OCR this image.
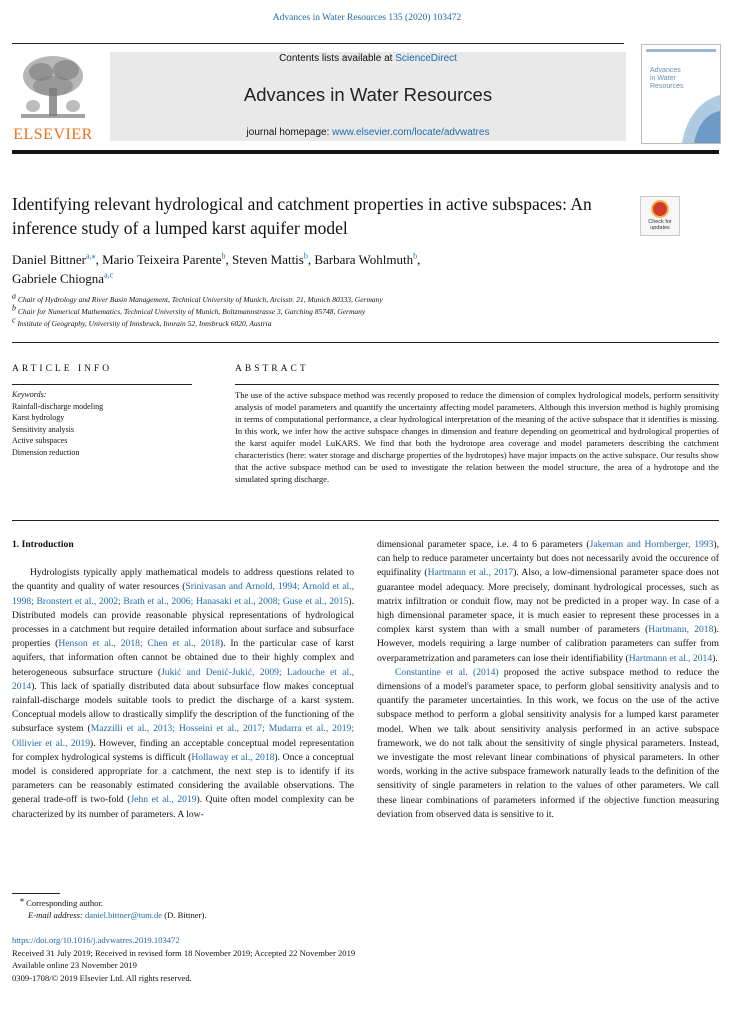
Advances in Water Resources 135 (2020) 103472
ELSEVIER
Contents lists available at ScienceDirect
Advances in Water Resources
journal homepage: www.elsevier.com/locate/advwatres
Advances
in Water
Resources
Identifying relevant hydrological and catchment properties in active subspaces: An inference study of a lumped karst aquifer model	Check for
updates
Daniel Bittner$^{a,⁎}$, Mario Teixeira Parente$^b$, Steven Mattis$^b$, Barbara Wohlmuth$^b$,
Gabriele Chiogna$^{a,c}$
$^a$ Chair of Hydrology and River Basin Management, Technical University of Munich, Arcisstr. 21, Munich 80333, Germany
$^b$ Chair for Numerical Mathematics, Technical University of Munich, Boltzmannstrasse 3, Garching 85748, Germany
$^c$ Institute of Geography, University of Innsbruck, Innrain 52, Innsbruck 6020, Austria
ARTICLE INFO	ABSTRACT
Keywords:
Rainfall-discharge modeling
Karst hydrology
Sensitivity analysis
Active subspaces
Dimension reduction
The use of the active subspace method was recently proposed to reduce the dimension of complex hydrological models, perform sensitivity analysis of model parameters and quantify the uncertainty affecting model parameters. Although this inversion method is highly promising in terms of computational performance, a clear hydrological interpretation of the meaning of the active subspace that it identifies is missing. In this work, we infer how the active subspace changes in dimension and feature depending on geometrical and hydrological properties of the karst aquifer model LuKARS. We find that both the hydrotope area coverage and model parameters describing the catchment characteristics (here: water storage and discharge properties of the hydrotopes) have major impacts on the active subspace. Our results show that the active subspace method can be used to investigate the relation between the model structure, the area of a hydrotope and the simulated spring discharge.

1. Introduction

Hydrologists typically apply mathematical models to address questions related to the quantity and quality of water resources (Srinivasan and Arnold, 1994; Arnold et al., 1998; Bronstert et al., 2002; Brath et al., 2006; Hanasaki et al., 2008; Guse et al., 2015). Distributed models can provide reasonable physical representations of hydrological processes in a catchment but require detailed information about surface and subsurface properties (Henson et al., 2018; Chen et al., 2018). In the particular case of karst aquifers, that information often cannot be obtained due to their highly complex and heterogeneous subsurface structure (Jukić and Denić-Jukić, 2009; Ladouche et al., 2014). This lack of spatially distributed data about subsurface flow makes conceptual rainfall-discharge models suitable tools to predict the discharge of a karst system. Conceptual models allow to drastically simplify the description of the functioning of the subsurface system (Mazzilli et al., 2013; Hosseini et al., 2017; Mudarra et al., 2019; Ollivier et al., 2019). However, finding an acceptable conceptual model representation for complex hydrological systems is difficult (Hollaway et al., 2018). Once a conceptual model is considered appropriate for a catchment, the next step is to identify if its parameters can be reasonably estimated considering the available observations. The general trade-off is two-fold (Jehn et al., 2019). Quite often model complexity can be characterized by its number of parameters. A low-

dimensional parameter space, i.e. 4 to 6 parameters (Jakeman and Hornberger, 1993), can help to reduce parameter uncertainty but does not necessarily avoid the occurence of equifinality (Hartmann et al., 2017). Also, a low-dimensional parameter space does not guarantee model adequacy. More precisely, dominant hydrological processes, such as matrix infiltration or conduit flow, may not be predicted in a proper way. In case of a high dimensional parameter space, it is much easier to represent these processes in a complex karst system than with a small number of parameters (Hartmann, 2018). However, models requiring a large number of calibration parameters can suffer from overparametrization and parameters can lose their identifiability (Hartmann et al., 2014).

Constantine et al. (2014) proposed the active subspace method to reduce the dimensions of a model's parameter space, to perform global sensitivity analysis and to quantify the parameter uncertainties. In this work, we focus on the use of the active subspace method to perform a global sensitivity analysis for a lumped karst parameter model. When we talk about sensitivity analysis performed in an active subspace framework, we do not talk about the sensitivity of single physical parameters. Instead, we investigate the most relevant linear combinations of physical parameters. In other words, working in the active subspace framework naturally leads to the definition of the sensitivity of single parameters in relation to the values of other parameters. We call these linear combinations of parameters informed if the objective function measuring deviation from observed data is sensitive to it.

⁎ Corresponding author.
E-mail address: daniel.bittner@tum.de (D. Bittner).
https://doi.org/10.1016/j.advwatres.2019.103472
Received 31 July 2019; Received in revised form 18 November 2019; Accepted 22 November 2019
Available online 23 November 2019
0309-1708/© 2019 Elsevier Ltd. All rights reserved.
